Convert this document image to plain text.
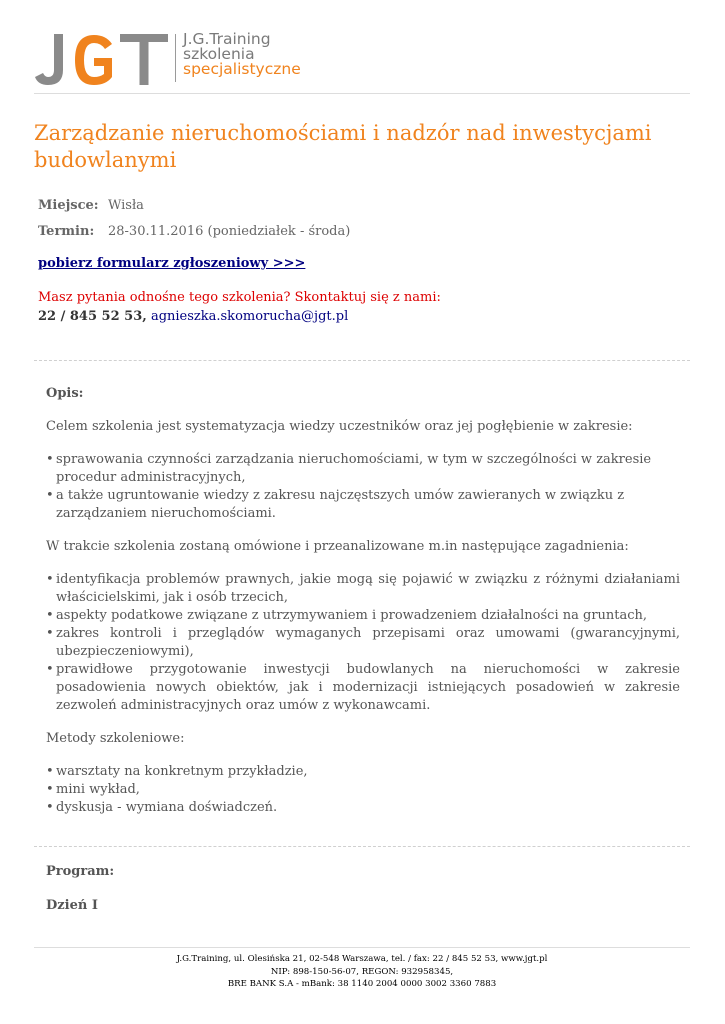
J.G.Training
szkolenia
specjalistyczne
Zarządzanie nieruchomościami i nadzór nad inwestycjami budowlanymi
Miejsce: Wisła
Termin:	28-30.11.2016 (poniedziałek - środa)
pobierz formularz zgłoszeniowy >>>
Masz pytania odnośne tego szkolenia? Skontaktuj się z nami:
22 / 845 52 53, agnieszka.skomorucha@jgt.pl
Opis:
Celem szkolenia jest systematyzacja wiedzy uczestników oraz jej pogłębienie w zakresie:
• sprawowania czynności zarządzania nieruchomościami, w tym w szczególności w zakresie procedur administracyjnych,
• a także ugruntowanie wiedzy z zakresu najczęstszych umów zawieranych w związku z zarządzaniem nieruchomościami.
W trakcie szkolenia zostaną omówione i przeanalizowane m.in następujące zagadnienia:
• identyfikacja problemów prawnych, jakie mogą się pojawić w związku z różnymi działaniami właścicielskimi, jak i osób trzecich,
• aspekty podatkowe związane z utrzymywaniem i prowadzeniem działalności na gruntach,
• zakres kontroli i przeglądów wymaganych przepisami oraz umowami (gwarancyjnymi, ubezpieczeniowymi),
• prawidłowe przygotowanie inwestycji budowlanych na nieruchomości w zakresie posadowienia nowych obiektów, jak i modernizacji istniejących posadowień w zakresie zezwoleń administracyjnych oraz umów z wykonawcami.
Metody szkoleniowe:
• warsztaty na konkretnym przykładzie,
• mini wykład,
• dyskusja - wymiana doświadczeń.
Program:
Dzień I
J.G.Training, ul. Olesińska 21, 02-548 Warszawa, tel. / fax: 22 / 845 52 53, www.jgt.pl
NIP: 898-150-56-07, REGON: 932958345,
BRE BANK S.A - mBank: 38 1140 2004 0000 3002 3360 7883
